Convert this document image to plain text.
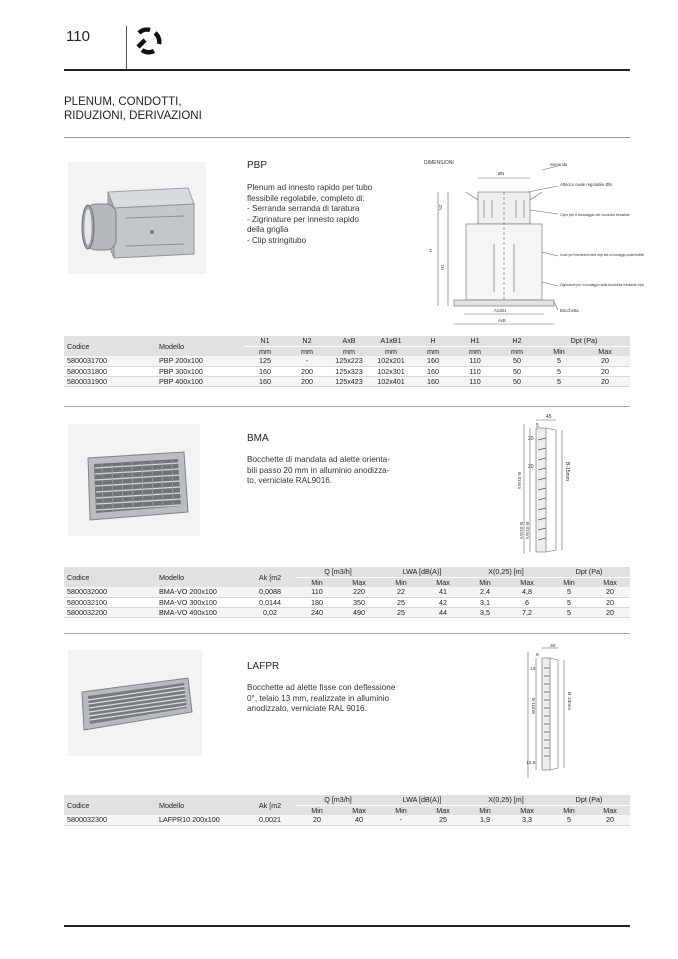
110
PLENUM, CONDOTTI,
RIDUZIONI, DERIVAZIONI
PBP
Plenum ad innesto rapido per tubo
flessibile regolabile, completo di:
- Serranda serranda di taratura
- Zigrinature per innesto rapido
della griglia
- Clip stringitubo
DIMENSIONI
ØN
N2
H
H1
A1xB1
AxB
Serranda
Attacco ovale regolabile ØN
Clips per il montaggio del condotto flessibile
Guide per l'inserimento delle clips atte al montaggio parete/soffitto
Zigrinature per il montaggio della bocchetta mediante clips
Bocchetta
Codice	Modello	N1	N2	AxB	A1xB1	H	H1	H2	Dpt (Pa)	
		mm	mm	mm	mm	mm	mm	mm	Min	Max
5800031700	PBP 200x100	125	-	125x223	102x201	160	110	50	5	20
5800031800	PBP 300x100	160	200	125x323	102x301	160	110	50	5	20
5800031900	PBP 400x100	160	200	125x423	102x401	160	110	50	5	20
BMA
Bocchette di mandata ad alette orienta-
bili passo 20 mm in alluminio anodizza-
to, verniciate RAL9016.
45
5
20
20	B-15mm
B-31mm
B-31mm
B-31mm
Codice	Modello	Ak [m2	Q [m3/h]		LWA [dB(A)]		X(0,25) [m]		Dpt (Pa)	
			Min	Max	Min	Max	Min	Max	Min	Max
5800032000	BMA-VO 200x100	0,0088	110	220	22	41	2,4	4,8	5	20
5800032100	BMA-VO 300x100	0,0144	180	350	25	42	3,1	6	5	20
5800032200	BMA-VO 400x100	0,02	240	490	25	44	3,5	7,2	5	20
LAFPR
Bocchette ad alette fisse con deflessione
0°, telaio 13 mm, realizzate in alluminio
anodizzato, verniciate RAL 9016.
30
8
13
12,5
B-10mm
B-11mm
Codice	Modello	Ak [m2	Q [m3/h]		LWA [dB(A)]		X(0,25) [m]		Dpt (Pa)	
			Min	Max	Min	Max	Min	Max	Min	Max
5800032300	LAFPR10 200x100	0,0021	20	40	-	25	1,9	3,3	5	20
